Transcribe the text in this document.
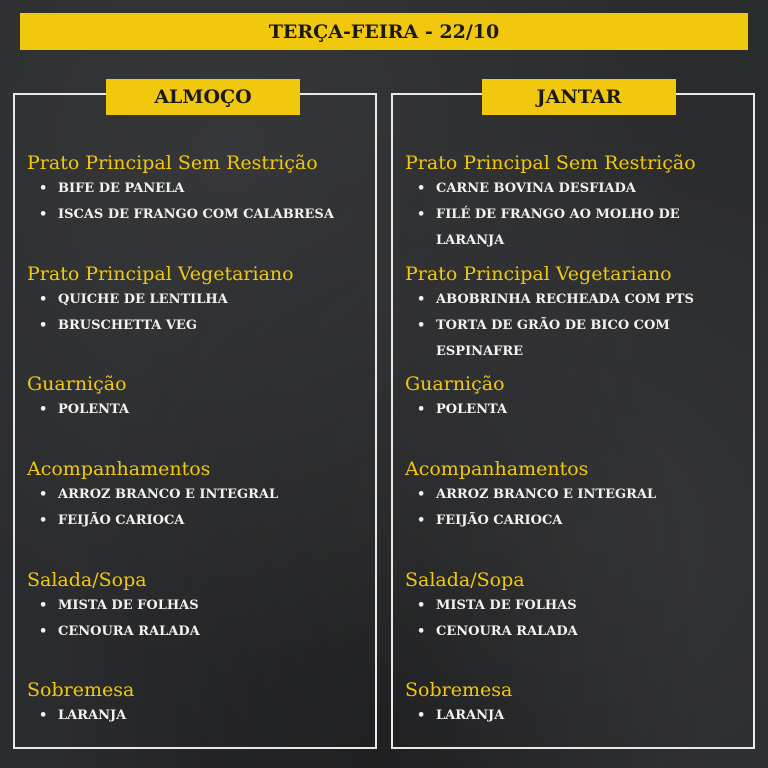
TERÇA-FEIRA - 22/10
ALMOÇO
Prato Principal Sem Restrição
• BIFE DE PANELA
• ISCAS DE FRANGO COM CALABRESA
Prato Principal Vegetariano
• QUICHE DE LENTILHA
• BRUSCHETTA VEG
Guarnição
• POLENTA
Acompanhamentos
• ARROZ BRANCO E INTEGRAL
• FEIJÃO CARIOCA
Salada/Sopa
• MISTA DE FOLHAS
• CENOURA RALADA
Sobremesa
• LARANJA
JANTAR
Prato Principal Sem Restrição
• CARNE BOVINA DESFIADA
• FILÉ DE FRANGO AO MOLHO DE LARANJA
Prato Principal Vegetariano
• ABOBRINHA RECHEADA COM PTS
• TORTA DE GRÃO DE BICO COM ESPINAFRE
Guarnição
• POLENTA
Acompanhamentos
• ARROZ BRANCO E INTEGRAL
• FEIJÃO CARIOCA
Salada/Sopa
• MISTA DE FOLHAS
• CENOURA RALADA
Sobremesa
• LARANJA
